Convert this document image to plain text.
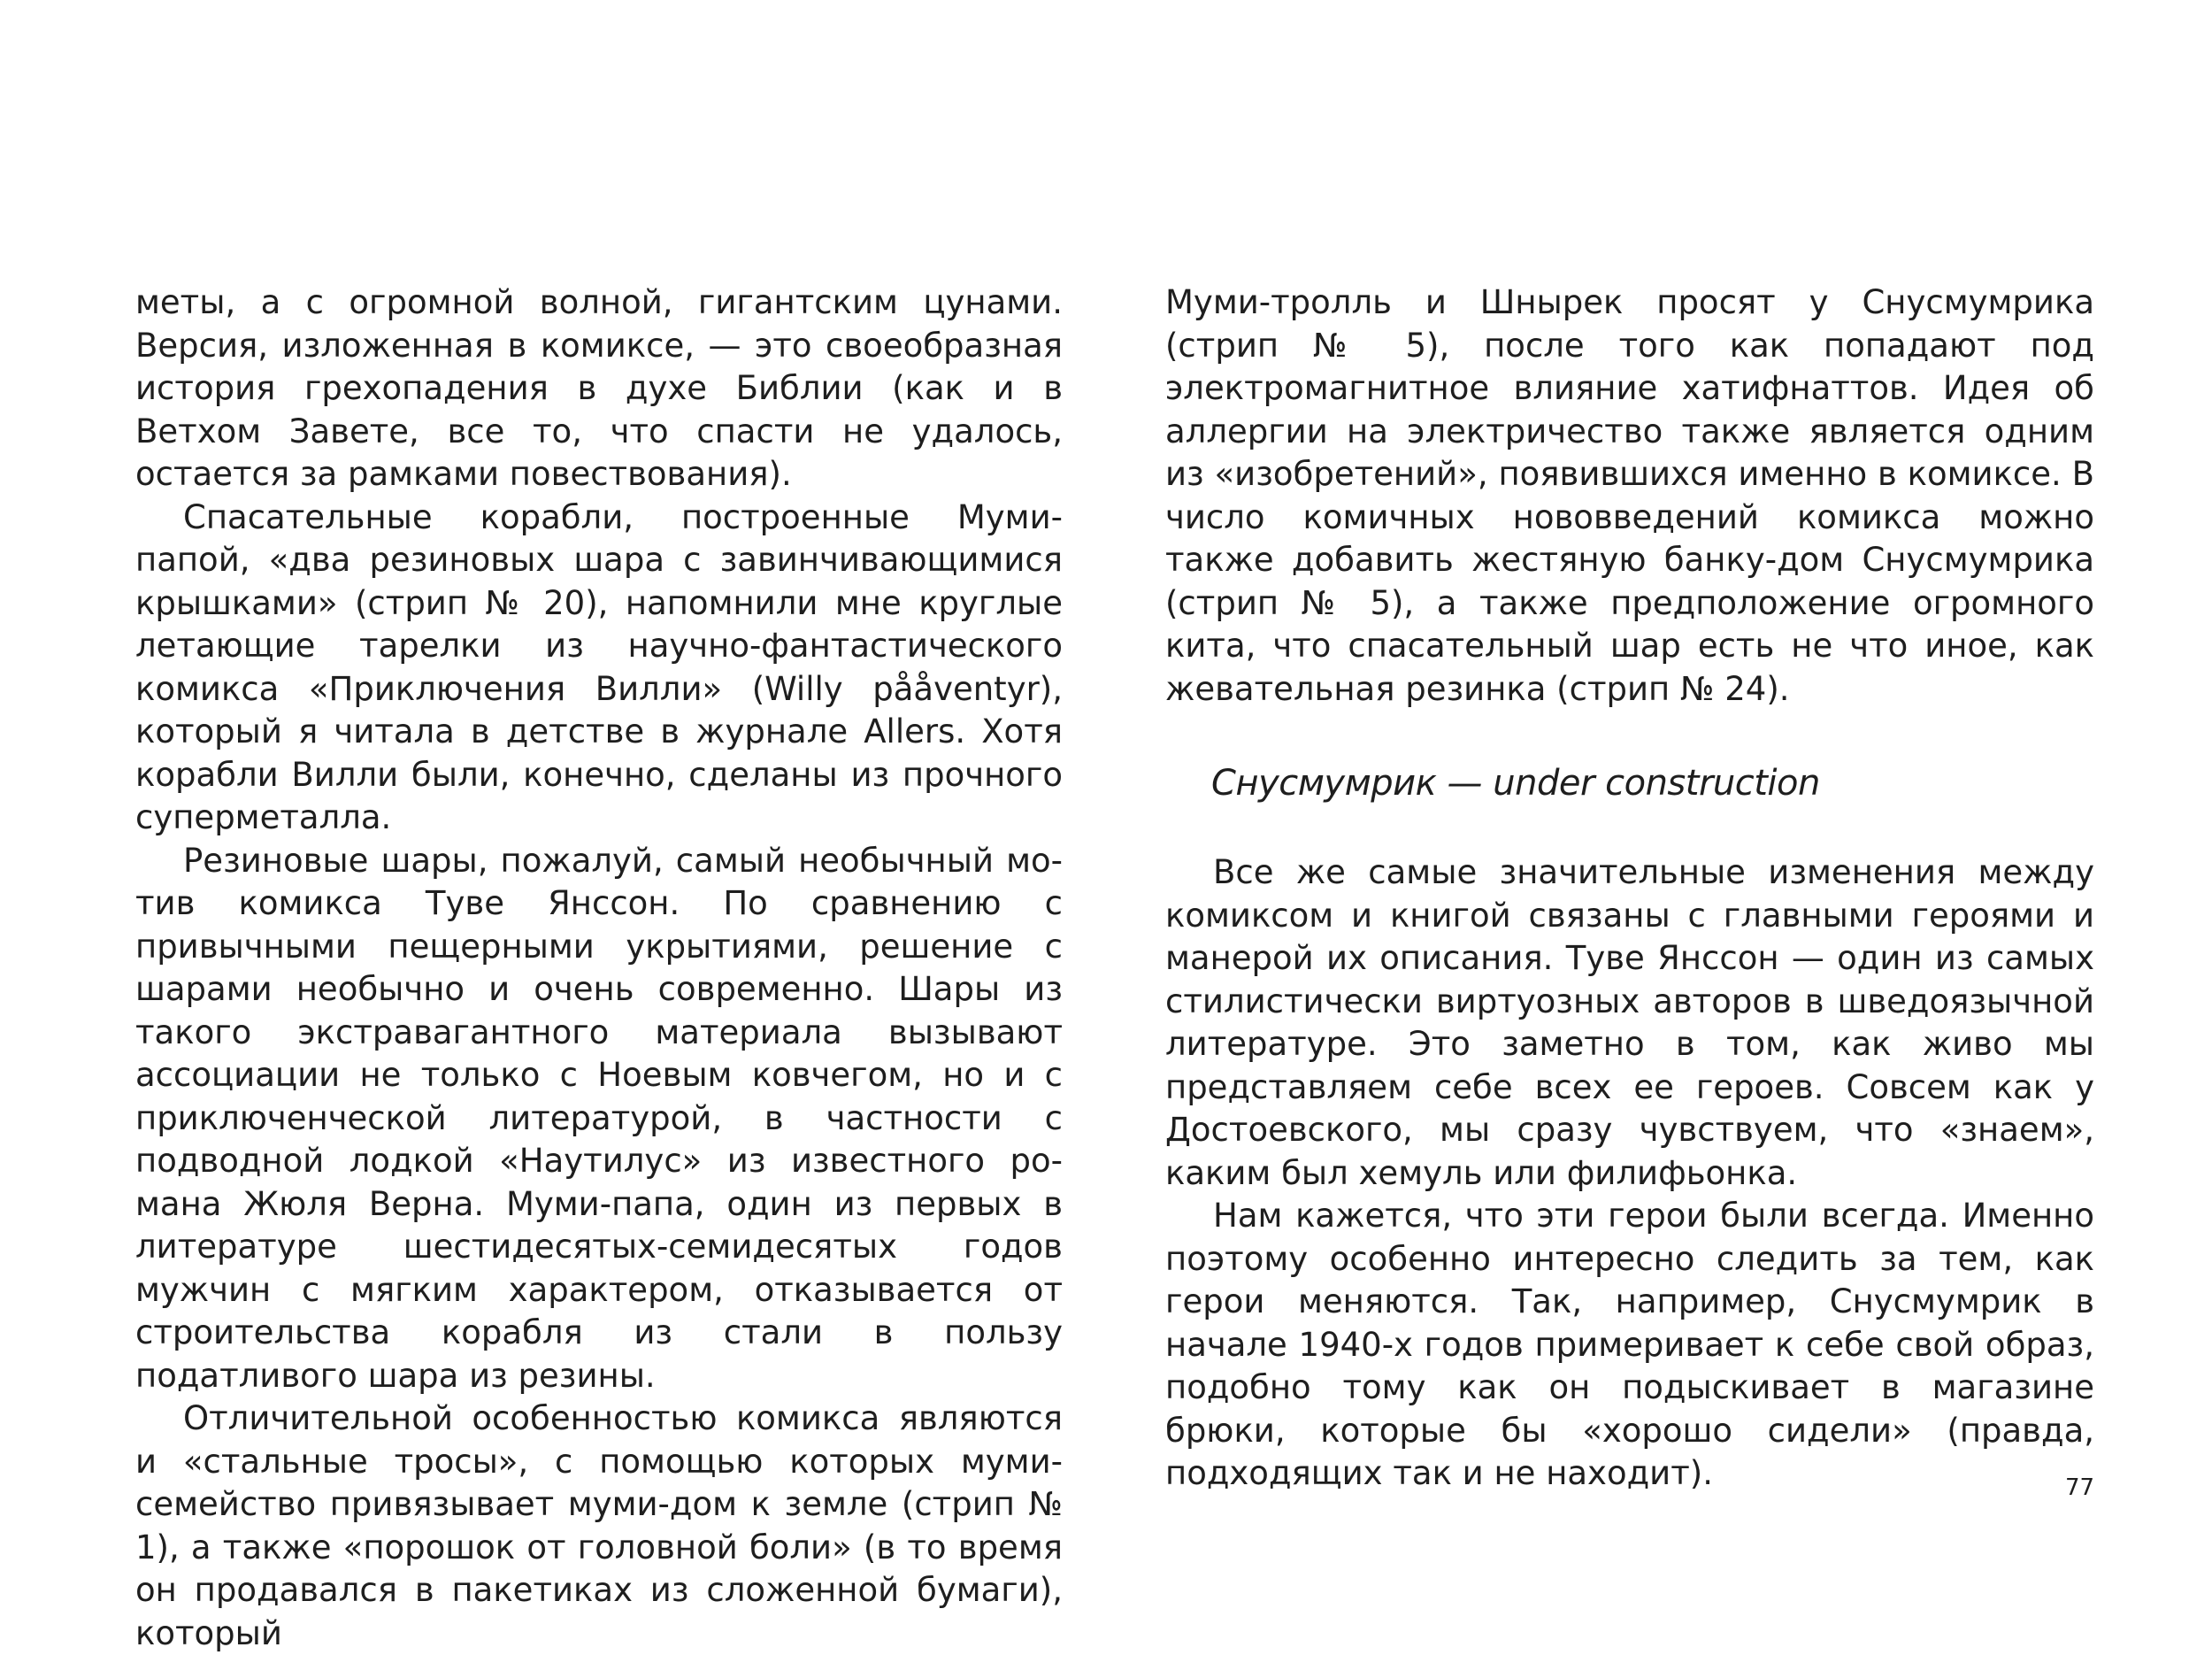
мeты, а с огромной волной, гигантским цунами. Версия, изложенная в комиксе, — это своеобразная история грехопадения в духе Библии (как и в Ветхом Завете, все то, что спасти не удалось, остается за рамками повествования).

Спасательные корабли, построенные Муми-папой, «два резиновых шара с завинчивающимися крышками» (стрип № 20), напомнили мне круглые летающие тарелки из научно-фантастического комикса «Приключения Вилли» (Willy pååventyr), который я читала в детстве в журнале Allers. Хотя корабли Вилли были, конечно, сделаны из прочного суперметалла.

Резиновые шары, пожалуй, самый необычный мотив комикса Туве Янссон. По сравнению с привычными пещерными укрытиями, решение с шарами необычно и очень современно. Шары из такого экстравагантного материала вызывают ассоциации не только с Ноевым ковчегом, но и с приключенческой литературой, в частности с подводной лодкой «Наутилус» из известного романа Жюля Верна. Муми-папа, один из первых в литературе шестидесятых-семидесятых годов мужчин с мягким характером, отказывается от строительства корабля из стали в пользу податливого шара из резины.

Отличительной особенностью комикса являются и «стальные тросы», с помощью которых муми-семейство привязывает муми-дом к земле (стрип № 1), а также «порошок от головной боли» (в то время он продавался в пакетиках из сложенной бумаги), который

Муми-тролль и Шнырек просят у Снусмумрика (стрип № 5), после того как попадают под электромагнитное влияние хатифнаттов. Идея об аллергии на электричество также является одним из «изобретений», появившихся именно в комиксе. В число комичных нововведений комикса можно также добавить жестяную банку-дом Снусмумрика (стрип № 5), а также предположение огромного кита, что спасательный шар есть не что иное, как жевательная резинка (стрип № 24).

Снусмумрик — under construction

Все же самые значительные изменения между комиксом и книгой связаны с главными героями и манерой их описания. Туве Янссон — один из самых стилистически виртуозных авторов в шведоязычной литературе. Это заметно в том, как живо мы представляем себе всех ее героев. Совсем как у Достоевского, мы сразу чувствуем, что «знаем», каким был хемуль или филифьонка.

Нам кажется, что эти герои были всегда. Именно поэтому особенно интересно следить за тем, как герои меняются. Так, например, Снусмумрик в начале 1940-х годов примеривает к себе свой образ, подобно тому как он подыскивает в магазине брюки, которые бы «хорошо сидели» (правда, подходящих так и не находит).	77
